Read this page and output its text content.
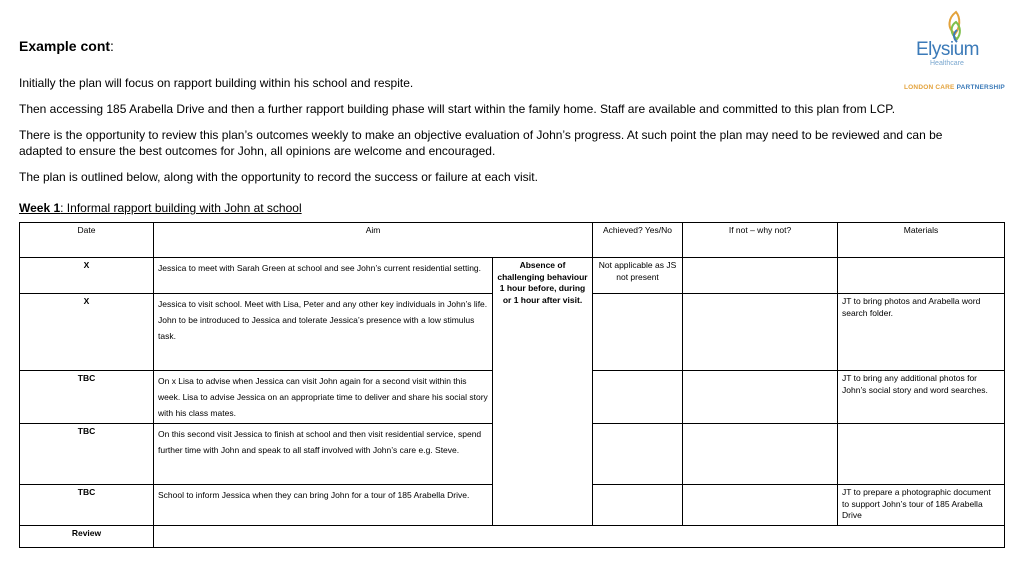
Example cont:
Initially the plan will focus on rapport building within his school and respite.
Then accessing 185 Arabella Drive and then a further rapport building phase will start within the family home. Staff are available and committed to this plan from LCP.
There is the opportunity to review this plan’s outcomes weekly to make an objective evaluation of John’s progress. At such point the plan may need to be reviewed and can be adapted to ensure the best outcomes for John, all opinions are welcome and encouraged.
The plan is outlined below, along with the opportunity to record the success or failure at each visit.
Week 1: Informal rapport building with John at school
Elysium
Healthcare
LONDON CARE PARTNERSHIP
Date	Aim		Achieved? Yes/No	If not – why not?	Materials
X	Jessica to meet with Sarah Green at school and see John’s current residential setting.	Absence of challenging behaviour 1 hour before, during or 1 hour after visit.	Not applicable as JS not present		
X	Jessica to visit school. Meet with Lisa, Peter and any other key individuals in John’s life. John to be introduced to Jessica and tolerate Jessica’s presence with a low stimulus task.				JT to bring photos and Arabella word search folder.
TBC	On x Lisa to advise when Jessica can visit John again for a second visit within this week. Lisa to advise Jessica on an appropriate time to deliver and share his social story with his class mates.				JT to bring any additional photos for John’s social story and word searches.
TBC	On this second visit Jessica to finish at school and then visit residential service, spend further time with John and speak to all staff involved with John’s care e.g. Steve.				
TBC	School to inform Jessica when they can bring John for a tour of 185 Arabella Drive.				JT to prepare a photographic document to support John’s tour of 185 Arabella Drive
Review					
